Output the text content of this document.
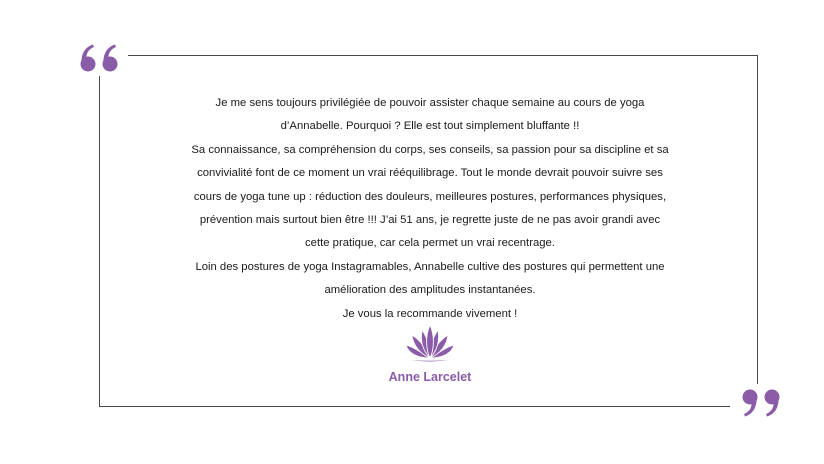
Je me sens toujours privilégiée de pouvoir assister chaque semaine au cours de yoga

d’Annabelle. Pourquoi ? Elle est tout simplement bluffante !!

Sa connaissance, sa compréhension du corps, ses conseils, sa passion pour sa discipline et sa

convivialité font de ce moment un vrai rééquilibrage. Tout le monde devrait pouvoir suivre ses

cours de yoga tune up : réduction des douleurs, meilleures postures, performances physiques,

prévention mais surtout bien être !!! J’ai 51 ans, je regrette juste de ne pas avoir grandi avec

cette pratique, car cela permet un vrai recentrage.

Loin des postures de yoga Instagramables, Annabelle cultive des postures qui permettent une

amélioration des amplitudes instantanées.

Je vous la recommande vivement !

Anne Larcelet
